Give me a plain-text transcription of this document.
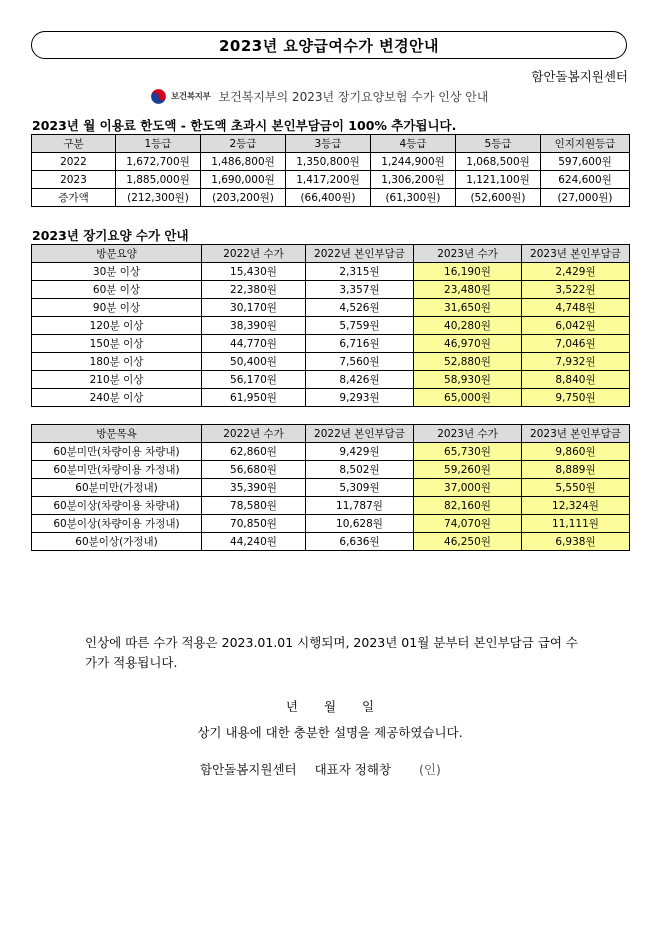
2023년 요양급여수가 변경안내
함안돌봄지원센터
보건복지부 보건복지부의 2023년 장기요양보험 수가 인상 안내
2023년 월 이용료 한도액 - 한도액 초과시 본인부담금이 100% 추가됩니다.
구분	1등급	2등급	3등급	4등급	5등급	인지지원등급
2022	1,672,700원	1,486,800원	1,350,800원	1,244,900원	1,068,500원	597,600원
2023	1,885,000원	1,690,000원	1,417,200원	1,306,200원	1,121,100원	624,600원
증가액	(212,300원)	(203,200원)	(66,400원)	(61,300원)	(52,600원)	(27,000원)
2023년 장기요양 수가 안내
방문요양	2022년 수가	2022년 본인부담금	2023년 수가	2023년 본인부담금
30분 이상	15,430원	2,315원	16,190원	2,429원
60분 이상	22,380원	3,357원	23,480원	3,522원
90분 이상	30,170원	4,526원	31,650원	4,748원
120분 이상	38,390원	5,759원	40,280원	6,042원
150분 이상	44,770원	6,716원	46,970원	7,046원
180분 이상	50,400원	7,560원	52,880원	7,932원
210분 이상	56,170원	8,426원	58,930원	8,840원
240분 이상	61,950원	9,293원	65,000원	9,750원
방문목욕	2022년 수가	2022년 본인부담금	2023년 수가	2023년 본인부담금
60분미만(차량이용 차량내)	62,860원	9,429원	65,730원	9,860원
60분미만(차량이용 가정내)	56,680원	8,502원	59,260원	8,889원
60분미만(가정내)	35,390원	5,309원	37,000원	5,550원
60분이상(차량이용 차량내)	78,580원	11,787원	82,160원	12,324원
60분이상(차량이용 가정내)	70,850원	10,628원	74,070원	11,111원
60분이상(가정내)	44,240원	6,636원	46,250원	6,938원
인상에 따른 수가 적용은 2023.01.01 시행되며, 2023년 01월 분부터 본인부담금 급여 수가가 적용됩니다.
년 월 일
상기 내용에 대한 충분한 설명을 제공하였습니다.
함안돌봄지원센터 대표자 정해창 (인)
